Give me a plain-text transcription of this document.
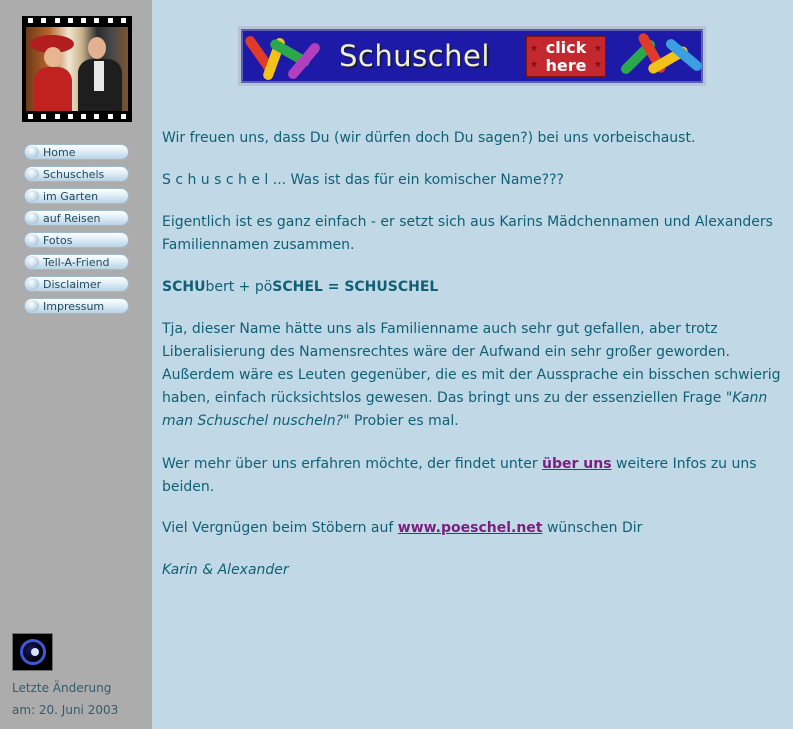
Home
Schuschels
im Garten
auf Reisen
Fotos
Tell-A-Friend
Disclaimer
Impressum
Letzte Änderung
am: 20. Juni 2003
Schuschel	★	★
★	★
click
here

Wir freuen uns, dass Du (wir dürfen doch Du sagen?) bei uns vorbeischaust.

S c h u s c h e l ... Was ist das für ein komischer Name???

Eigentlich ist es ganz einfach - er setzt sich aus Karins Mädchennamen und Alexanders Familiennamen zusammen.

SCHUbert + pöSCHEL = SCHUSCHEL

Tja, dieser Name hätte uns als Familienname auch sehr gut gefallen, aber trotz Liberalisierung des Namensrechtes wäre der Aufwand ein sehr großer geworden. Außerdem wäre es Leuten gegenüber, die es mit der Aussprache ein bisschen schwierig haben, einfach rücksichtslos gewesen. Das bringt uns zu der essenziellen Frage "Kann man Schuschel nuscheln?" Probier es mal.

Wer mehr über uns erfahren möchte, der findet unter über uns weitere Infos zu uns beiden.

Viel Vergnügen beim Stöbern auf www.poeschel.net wünschen Dir

Karin & Alexander
